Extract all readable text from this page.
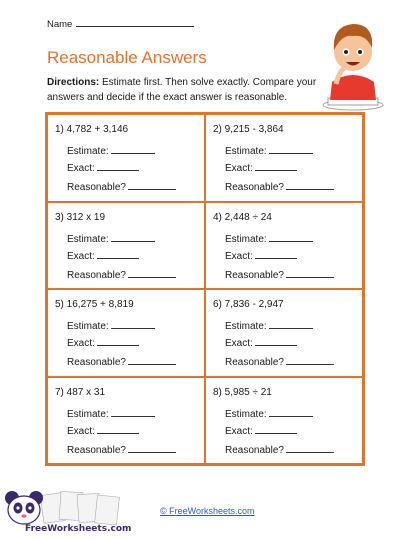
Name
Reasonable Answers
Directions: Estimate first. Then solve exactly. Compare your answers and decide if the exact answer is reasonable.
1) 4,782 + 3,146
Estimate:
Exact:
Reasonable?
2) 9,215 - 3,864
Estimate:
Exact:
Reasonable?
3) 312 x 19
Estimate:
Exact:
Reasonable?
4) 2,448 ÷ 24
Estimate:
Exact:
Reasonable?
5) 16,275 + 8,819
Estimate:
Exact:
Reasonable?
6) 7,836 - 2,947
Estimate:
Exact:
Reasonable?
7) 487 x 31
Estimate:
Exact:
Reasonable?
8) 5,985 ÷ 21
Estimate:
Exact:
Reasonable?
FreeWorksheets.com
© FreeWorksheets.com
